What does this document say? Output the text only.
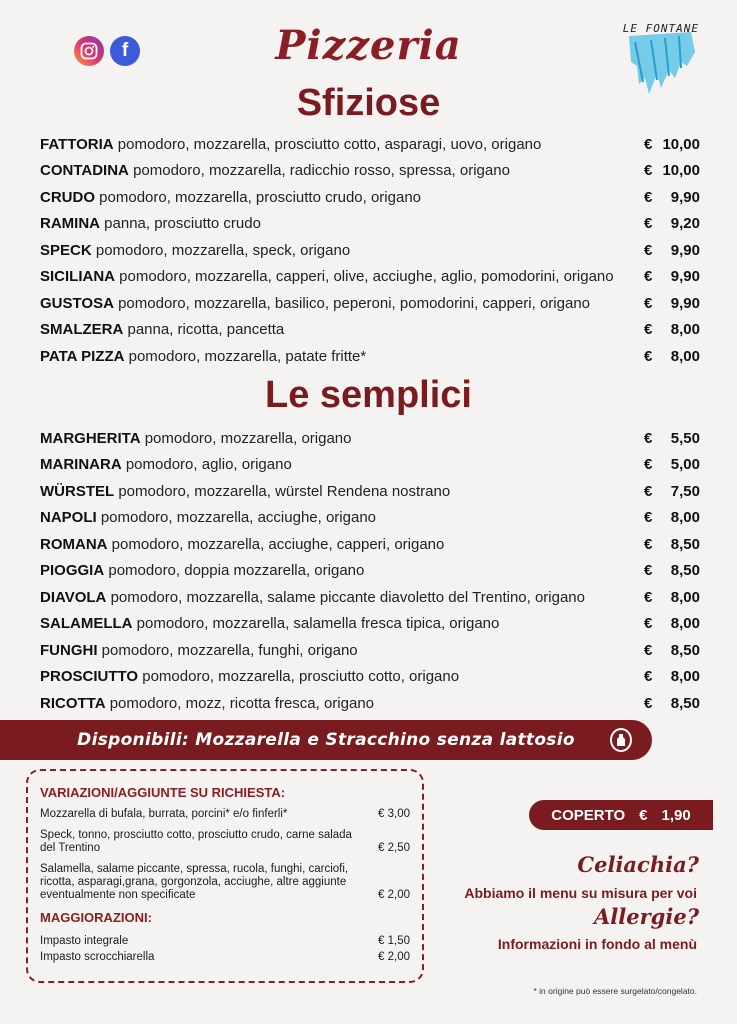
f	Pizzeria	LE FONTANE
Sfiziose
FATTORIA pomodoro, mozzarella, prosciutto cotto, asparagi, uovo, origano	€ 10,00
CONTADINA pomodoro, mozzarella, radicchio rosso, spressa, origano	€ 10,00
CRUDO pomodoro, mozzarella, prosciutto crudo, origano	€ 9,90
RAMINA panna, prosciutto crudo	€ 9,20
SPECK pomodoro, mozzarella, speck, origano	€ 9,90
SICILIANA pomodoro, mozzarella, capperi, olive, acciughe, aglio, pomodorini, origano € 9,90
GUSTOSA pomodoro, mozzarella, basilico, peperoni, pomodorini, capperi, origano	€ 9,90
SMALZERA panna, ricotta, pancetta	€ 8,00
PATA PIZZA pomodoro, mozzarella, patate fritte*	€ 8,00
Le semplici
MARGHERITA pomodoro, mozzarella, origano	€ 5,50
MARINARA pomodoro, aglio, origano	€ 5,00
WÜRSTEL pomodoro, mozzarella, würstel Rendena nostrano	€ 7,50
NAPOLI pomodoro, mozzarella, acciughe, origano	€ 8,00
ROMANA pomodoro, mozzarella, acciughe, capperi, origano	€ 8,50
PIOGGIA pomodoro, doppia mozzarella, origano	€ 8,50
DIAVOLA pomodoro, mozzarella, salame piccante diavoletto del Trentino, origano	€ 8,00
SALAMELLA pomodoro, mozzarella, salamella fresca tipica, origano	€ 8,00
FUNGHI pomodoro, mozzarella, funghi, origano	€ 8,50
PROSCIUTTO pomodoro, mozzarella, prosciutto cotto, origano	€ 8,00
RICOTTA pomodoro, mozz, ricotta fresca, origano	€ 8,50
Disponibili: Mozzarella e Stracchino senza lattosio
VARIAZIONI/AGGIUNTE SU RICHIESTA:
Mozzarella di bufala, burrata, porcini* e/o finferli*	€ 3,00
Speck, tonno, prosciutto cotto, prosciutto crudo, carne salada del Trentino	€ 2,50
Salamella, salame piccante, spressa, rucola, funghi, carciofi, ricotta, asparagi,grana, gorgonzola, acciughe, altre aggiunte eventualmente non specificate	€ 2,00
MAGGIORAZIONI:
Impasto integrale	€ 1,50
Impasto scrocchiarella	€ 2,00
COPERTO € 1,90
Celiachia?
Abbiamo il menu su misura per voi
Allergie?
Informazioni in fondo al menù
* in origine può essere surgelato/congelato.
